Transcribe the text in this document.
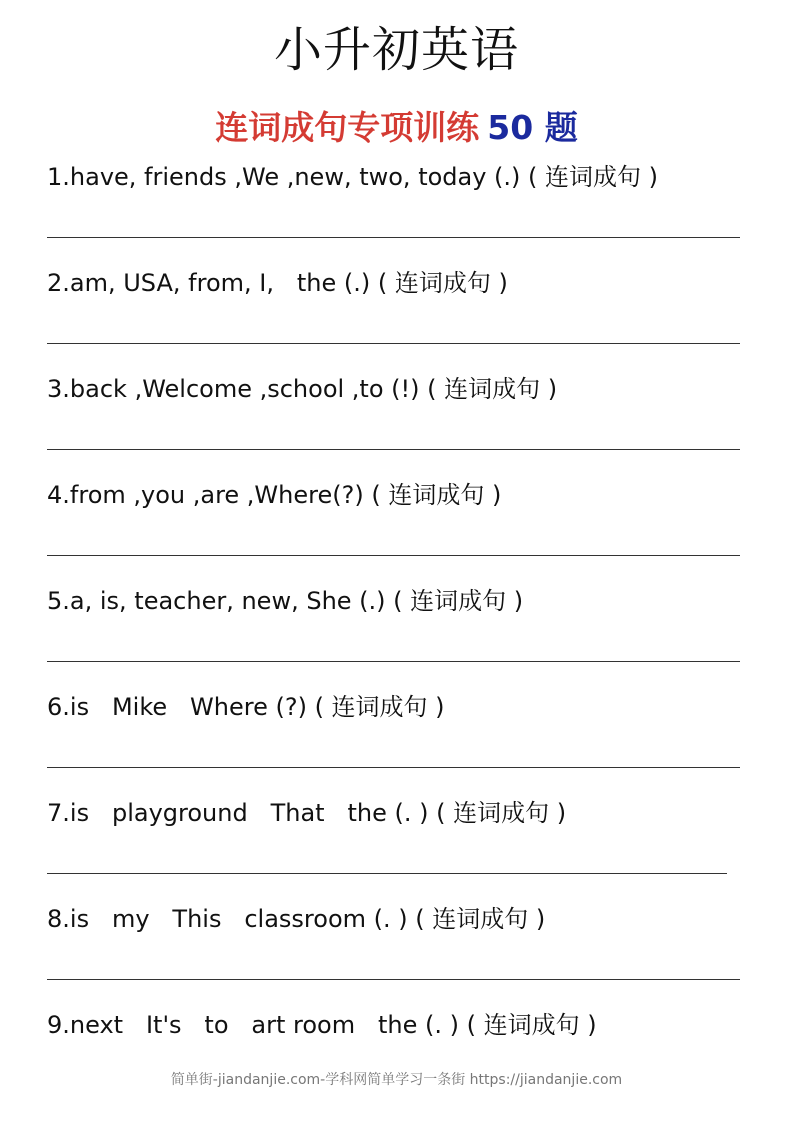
小升初英语
连词成句专项训练 50 题
1.have, friends ,We ,new, two, today (.) ( 连词成句 )
2.am, USA, from, I,   the (.) ( 连词成句 )
3.back ,Welcome ,school ,to (!) ( 连词成句 )
4.from ,you ,are ,Where(?) ( 连词成句 )
5.a, is, teacher, new, She (.) ( 连词成句 )
6.is   Mike   Where (?) ( 连词成句 )
7.is   playground   That   the (. ) ( 连词成句 )
8.is   my   This   classroom (. ) ( 连词成句 )
9.next   It's   to   art room   the (. ) ( 连词成句 )
简单街-jiandanjie.com-学科网简单学习一条街 https://jiandanjie.com
